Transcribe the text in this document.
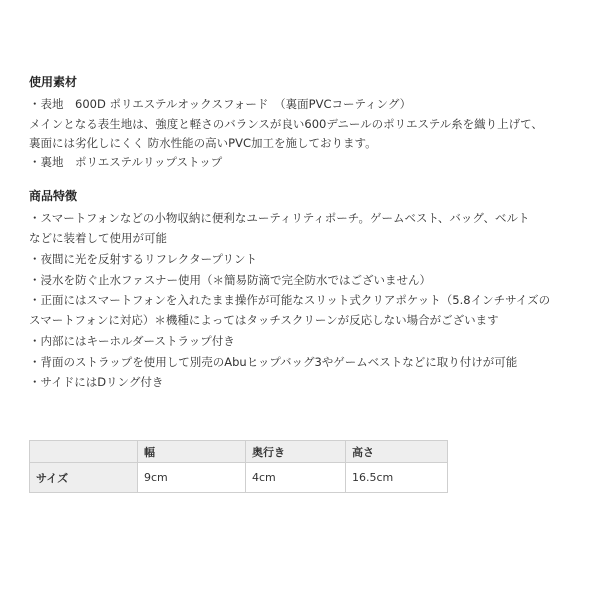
使用素材
・表地　600D ポリエステルオックスフォード　（裏面PVCコーティング）
メインとなる表生地は、強度と軽さのバランスが良い600デニールのポリエステル糸を織り上げて、
裏面には劣化しにくく 防水性能の高いPVC加工を施しております。
・裏地　ポリエステルリップストップ
商品特徴
・スマートフォンなどの小物収納に便利なユーティリティポーチ。ゲームベスト、バッグ、ベルト
などに装着して使用が可能
・夜間に光を反射するリフレクタープリント
・浸水を防ぐ止水ファスナー使用（＊簡易防滴で完全防水ではございません）
・正面にはスマートフォンを入れたまま操作が可能なスリット式クリアポケット（5.8インチサイズの
スマートフォンに対応）＊機種によってはタッチスクリーンが反応しない場合がございます
・内部にはキーホルダーストラップ付き
・背面のストラップを使用して別売のAbuヒップバッグ3やゲームベストなどに取り付けが可能
・サイドにはDリング付き
	幅	奥行き	高さ
サイズ	9cm	4cm	16.5cm
